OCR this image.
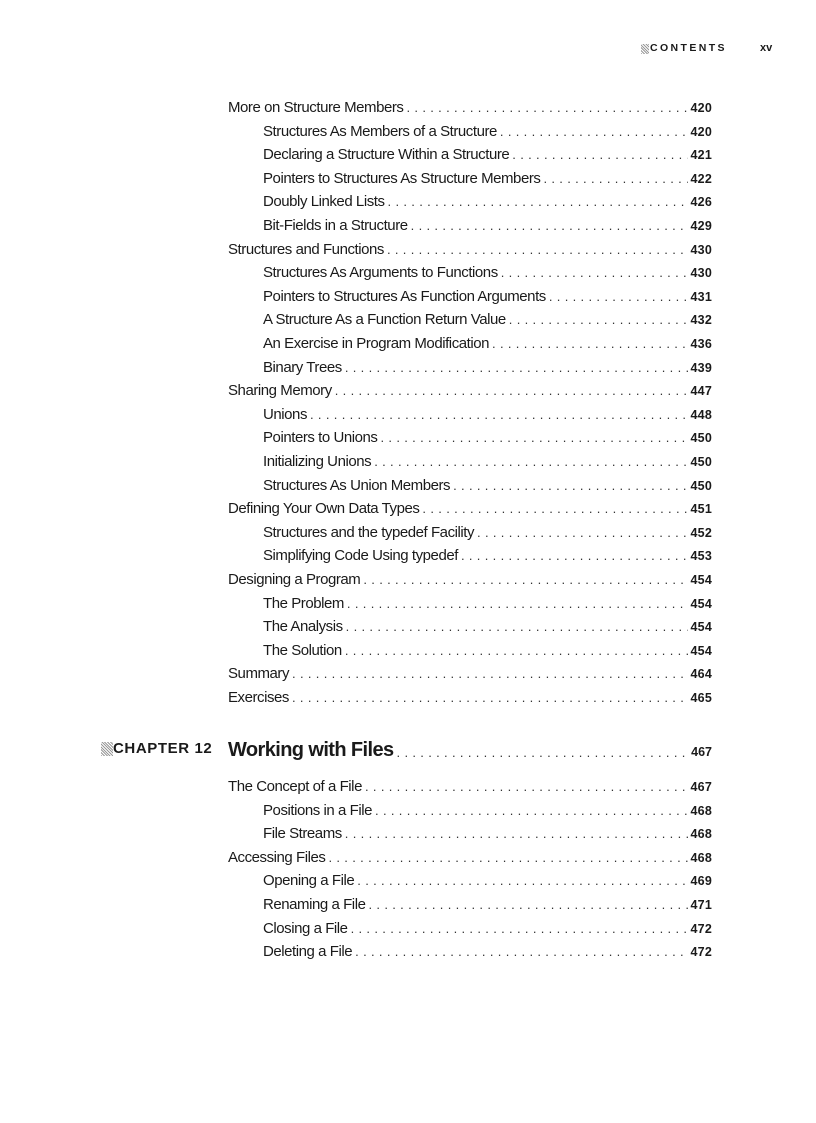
CONTENTS	xv
More on Structure Members . . .	420
Structures As Members of a Structure . . .	420
Declaring a Structure Within a Structure . . .	421
Pointers to Structures As Structure Members . . .	422
Doubly Linked Lists . . .	426
Bit-Fields in a Structure . . .	429
Structures and Functions . . .	430
Structures As Arguments to Functions . . .	430
Pointers to Structures As Function Arguments . . .	431
A Structure As a Function Return Value . . .	432
An Exercise in Program Modification . . .	436
Binary Trees . . .	439
Sharing Memory . . .	447
Unions . . .	448
Pointers to Unions . . .	450
Initializing Unions . . .	450
Structures As Union Members . . .	450
Defining Your Own Data Types . . .	451
Structures and the typedef Facility . . .	452
Simplifying Code Using typedef . . .	453
Designing a Program . . .	454
The Problem . . .	454
The Analysis . . .	454
The Solution . . .	454
Summary . . .	464
Exercises . . .	465
CHAPTER 12 Working with Files . . .	467
The Concept of a File . . .	467
Positions in a File . . .	468
File Streams . . .	468
Accessing Files . . .	468
Opening a File . . .	469
Renaming a File . . .	471
Closing a File . . .	472
Deleting a File . . .	472
